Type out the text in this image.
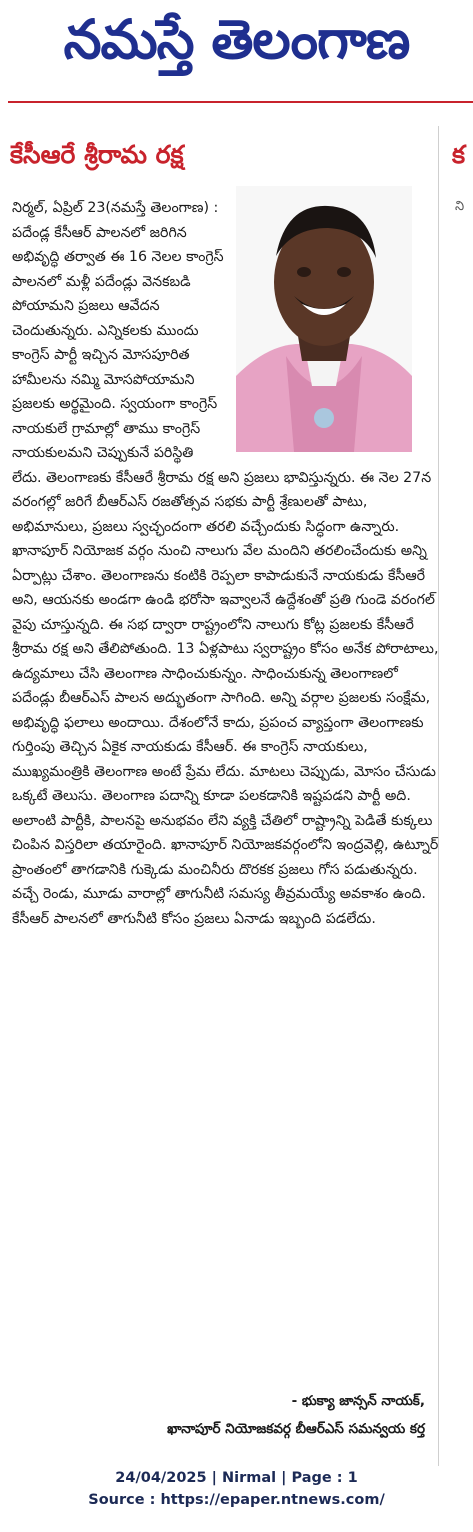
నమస్తే తెలంగాణ
కేసీఆరే శ్రీరామ రక్ష	క
ని

నిర్మల్, ఏప్రిల్ 23(నమస్తే తెలంగాణ) : పదేండ్ల కేసీఆర్ పాలనలో జరిగిన అభివృద్ధి తర్వాత ఈ 16 నెలల కాంగ్రెస్ పాలనలో మళ్లీ పదేండ్లు వెనకబడి పోయామని ప్రజలు ఆవేదన చెందుతున్నరు. ఎన్నికలకు ముందు కాంగ్రెస్ పార్టీ ఇచ్చిన మోసపూరిత హామీలను నమ్మి మోసపోయామని ప్రజలకు అర్థమైంది. స్వయంగా కాంగ్రెస్ నాయకులే గ్రామాల్లో తాము కాంగ్రెస్ నాయకులమని చెప్పుకునే పరిస్థితి లేదు. తెలంగాణకు కేసీఆరే శ్రీరామ రక్ష అని ప్రజలు భావిస్తున్నరు. ఈ నెల 27న వరంగల్లో జరిగే బీఆర్ఎస్ రజతోత్సవ సభకు పార్టీ శ్రేణులతో పాటు, అభిమానులు, ప్రజలు స్వచ్ఛందంగా తరలి వచ్చేందుకు సిద్ధంగా ఉన్నారు. ఖానాపూర్ నియోజక వర్గం నుంచి నాలుగు వేల మందిని తరలించేందుకు అన్ని ఏర్పాట్లు చేశాం. తెలంగాణను కంటికి రెప్పలా కాపాడుకునే నాయకుడు కేసీఆరే అని, ఆయనకు అండగా ఉండి భరోసా ఇవ్వాలనే ఉద్దేశంతో ప్రతి గుండె వరంగల్ వైపు చూస్తున్నది. ఈ సభ ద్వారా రాష్ట్రంలోని నాలుగు కోట్ల ప్రజలకు కేసీఆరే శ్రీరామ రక్ష అని తేలిపోతుంది. 13 ఏళ్లపాటు స్వరాష్ట్రం కోసం అనేక పోరాటాలు, ఉద్యమాలు చేసి తెలంగాణ సాధించుకున్నం. సాధించుకున్న తెలంగాణలో పదేండ్లు బీఆర్ఎస్ పాలన అద్భుతంగా సాగింది. అన్ని వర్గాల ప్రజలకు సంక్షేమ, అభివృద్ధి ఫలాలు అందాయి. దేశంలోనే కాదు, ప్రపంచ వ్యాప్తంగా తెలంగాణకు గుర్తింపు తెచ్చిన ఏకైక నాయకుడు కేసీఆర్. ఈ కాంగ్రెస్ నాయకులు, ముఖ్యమంత్రికి తెలంగాణ అంటే ప్రేమ లేదు. మాటలు చెప్పుడు, మోసం చేసుడు ఒక్కటే తెలుసు. తెలంగాణ పదాన్ని కూడా పలకడానికి ఇష్టపడని పార్టీ అది. అలాంటి పార్టీకి, పాలనపై అనుభవం లేని వ్యక్తి చేతిలో రాష్ట్రాన్ని పెడితే కుక్కలు చింపిన విస్తరిలా తయారైంది. ఖానాపూర్ నియోజకవర్గంలోని ఇంద్రవెల్లి, ఉట్నూర్ ప్రాంతంలో తాగడానికి గుక్కెడు మంచినీరు దొరకక ప్రజలు గోస పడుతున్నరు. వచ్చే రెండు, మూడు వారాల్లో తాగునీటి సమస్య తీవ్రమయ్యే అవకాశం ఉంది. కేసీఆర్ పాలనలో తాగునీటి కోసం ప్రజలు ఏనాడు ఇబ్బంది పడలేదు.

- భుక్యా జాన్సన్ నాయక్,
ఖానాపూర్ నియోజకవర్గ బీఆర్ఎస్ సమన్వయ కర్త
24/04/2025 | Nirmal | Page : 1
Source : https://epaper.ntnews.com/
